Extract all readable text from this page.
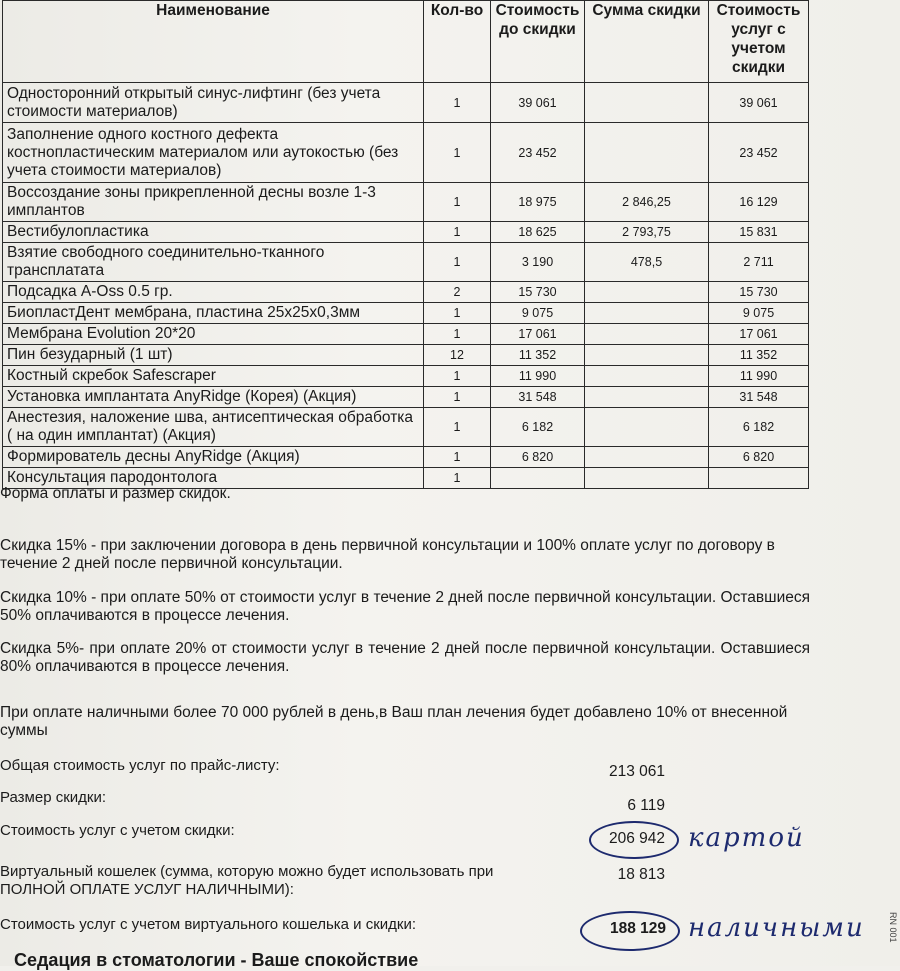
Наименование	Кол-во	Стоимость до скидки	Сумма скидки	Стоимость услуг с учетом скидки
Односторонний открытый синус-лифтинг (без учета стоимости материалов)	1	39 061		39 061
Заполнение одного костного дефекта костнопластическим материалом или аутокостью (без учета стоимости материалов)	1	23 452		23 452
Воссоздание зоны прикрепленной десны возле 1-3 имплантов	1	18 975	2 846,25	16 129
Вестибулопластика	1	18 625	2 793,75	15 831
Взятие свободного соединительно-тканного трансплатата	1	3 190	478,5	2 711
Подсадка A-Oss 0.5 гр.	2	15 730		15 730
БиопластДент мембрана, пластина 25x25x0,3мм	1	9 075		9 075
Мембрана Evolution 20*20	1	17 061		17 061
Пин безударный (1 шт)	12	11 352		11 352
Костный скребок Safescraper	1	11 990		11 990
Установка имплантата AnyRidge (Корея) (Акция)	1	31 548		31 548
Анестезия, наложение шва, антисептическая обработка ( на один имплантат) (Акция)	1	6 182		6 182
Формирователь десны AnyRidge (Акция)	1	6 820		6 820
Консультация пародонтолога	1			
Форма оплаты и размер скидок.
Скидка 15% - при заключении договора в день первичной консультации и 100% оплате услуг по договору в течение 2 дней после первичной консультации.
Скидка 10% - при оплате 50% от стоимости услуг в течение 2 дней после первичной консультации. Оставшиеся 50% оплачиваются в процессе лечения.
Скидка 5%- при оплате 20% от стоимости услуг в течение 2 дней после первичной консультации. Оставшиеся 80% оплачиваются в процессе лечения.
При оплате наличными более 70 000 рублей в день,в Ваш план лечения будет добавлено 10% от внесенной суммы
Общая стоимость услуг по прайс-листу:	213 061
Размер скидки:	6 119
Стоимость услуг с учетом скидки:	206 942 картой
Виртуальный кошелек (сумма, которую можно будет использовать при
ПОЛНОЙ ОПЛАТЕ УСЛУГ НАЛИЧНЫМИ):
18 813
Стоимость услуг с учетом виртуального кошелька и скидки:	188 129 наличными
Седация в стоматологии - Ваше спокойствие
RN 001
